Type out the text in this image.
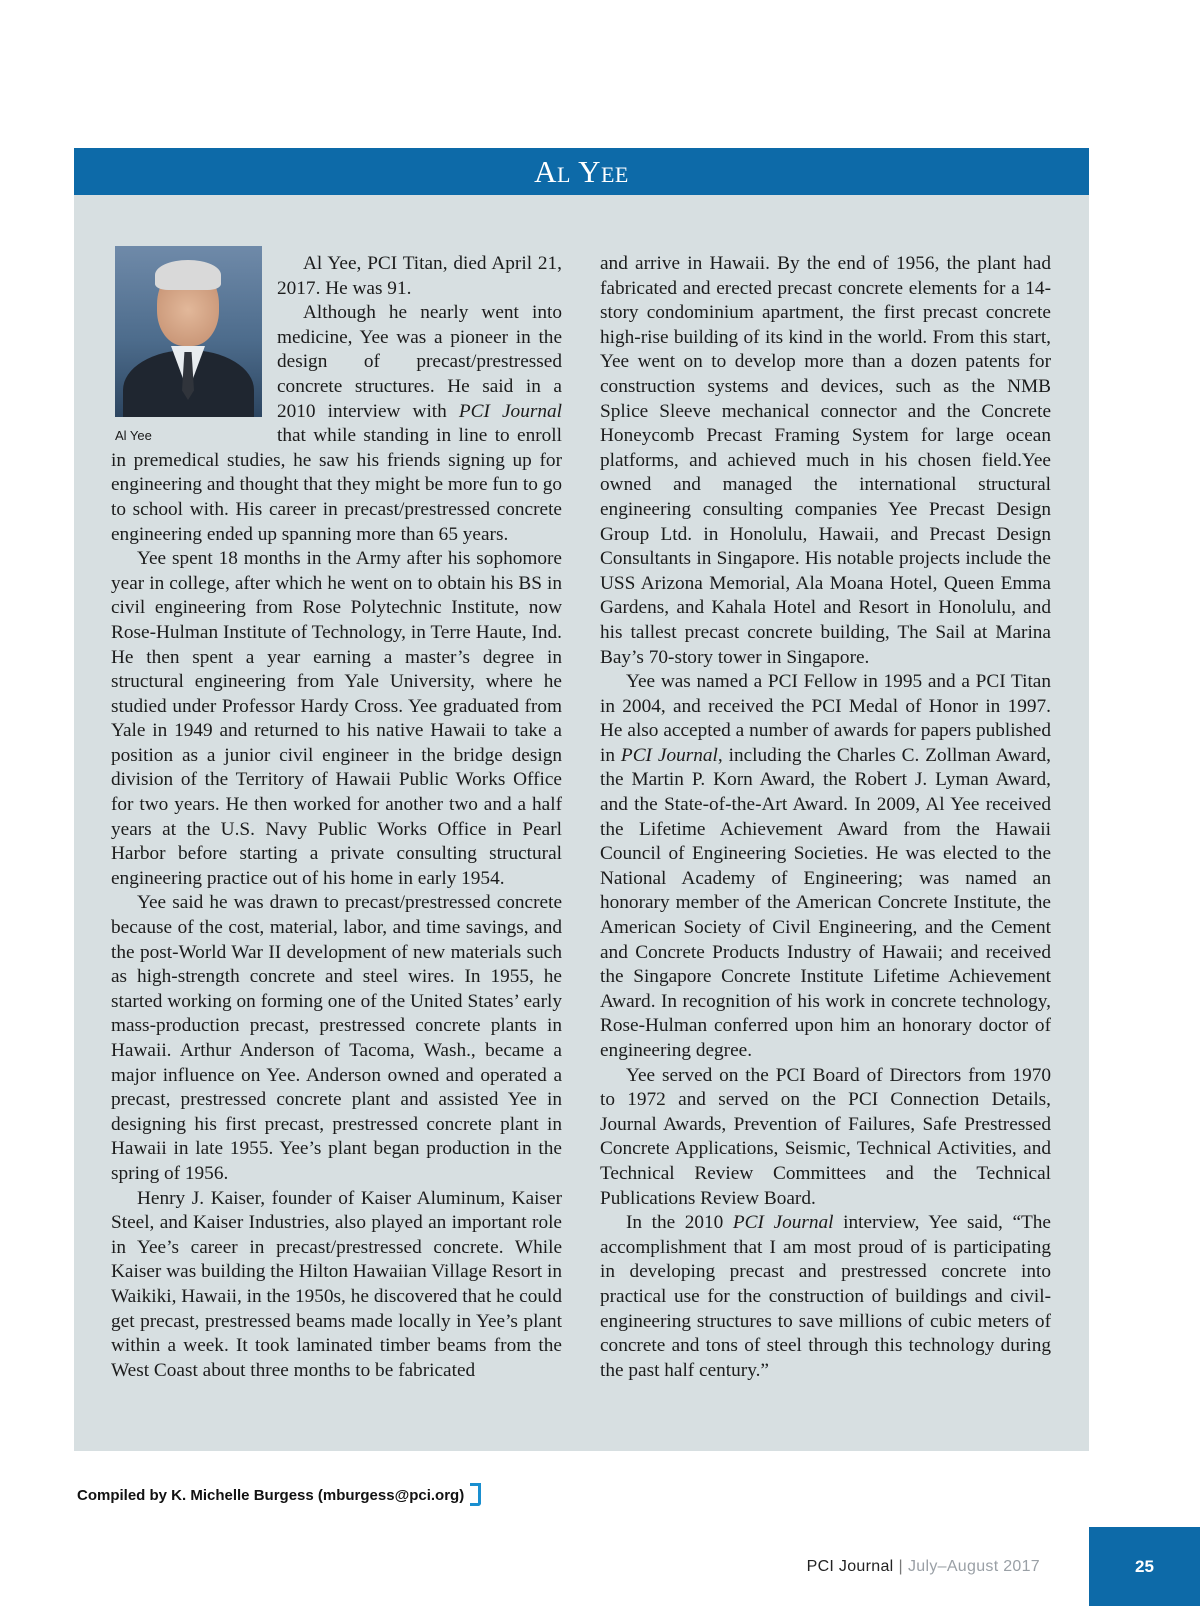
Al Yee
Al Yee

Al Yee, PCI Titan, died April 21, 2017. He was 91.

Although he nearly went into medicine, Yee was a pioneer in the design of precast/prestressed concrete structures. He said in a 2010 interview with PCI Journal that while standing in line to enroll in premedical studies, he saw his friends signing up for engineering and thought that they might be more fun to go to school with. His career in precast/prestressed concrete engineering ended up spanning more than 65 years.

Yee spent 18 months in the Army after his sophomore year in college, after which he went on to obtain his BS in civil engineering from Rose Polytechnic Institute, now Rose-Hulman Institute of Technology, in Terre Haute, Ind. He then spent a year earning a master’s degree in structural engineering from Yale University, where he studied under Professor Hardy Cross. Yee graduated from Yale in 1949 and returned to his native Hawaii to take a position as a junior civil engineer in the bridge design division of the Territory of Hawaii Public Works Office for two years. He then worked for another two and a half years at the U.S. Navy Public Works Office in Pearl Harbor before starting a private consulting structural engineering practice out of his home in early 1954.

Yee said he was drawn to precast/prestressed concrete because of the cost, material, labor, and time savings, and the post-World War II development of new materials such as high-strength concrete and steel wires. In 1955, he started working on forming one of the United States’ early mass-production precast, prestressed concrete plants in Hawaii. Arthur Anderson of Tacoma, Wash., became a major influence on Yee. Anderson owned and operated a precast, prestressed concrete plant and assisted Yee in designing his first precast, prestressed concrete plant in Hawaii in late 1955. Yee’s plant began production in the spring of 1956.

Henry J. Kaiser, founder of Kaiser Aluminum, Kaiser Steel, and Kaiser Industries, also played an important role in Yee’s career in precast/prestressed concrete. While Kaiser was building the Hilton Hawaiian Village Resort in Waikiki, Hawaii, in the 1950s, he discovered that he could get precast, prestressed beams made locally in Yee’s plant within a week. It took laminated timber beams from the West Coast about three months to be fabricated

and arrive in Hawaii. By the end of 1956, the plant had fabricated and erected precast concrete elements for a 14-story condominium apartment, the first precast concrete high-rise building of its kind in the world. From this start, Yee went on to develop more than a dozen patents for construction systems and devices, such as the NMB Splice Sleeve mechanical connector and the Concrete Honeycomb Precast Framing System for large ocean platforms, and achieved much in his chosen field.Yee owned and managed the international structural engineering consulting companies Yee Precast Design Group Ltd. in Honolulu, Hawaii, and Precast Design Consultants in Singapore. His notable projects include the USS Arizona Memorial, Ala Moana Hotel, Queen Emma Gardens, and Kahala Hotel and Resort in Honolulu, and his tallest precast concrete building, The Sail at Marina Bay’s 70-story tower in Singapore.

Yee was named a PCI Fellow in 1995 and a PCI Titan in 2004, and received the PCI Medal of Honor in 1997. He also accepted a number of awards for papers published in PCI Journal, including the Charles C. Zollman Award, the Martin P. Korn Award, the Robert J. Lyman Award, and the State-of-the-Art Award. In 2009, Al Yee received the Lifetime Achievement Award from the Hawaii Council of Engineering Societies. He was elected to the National Academy of Engineering; was named an honorary member of the American Concrete Institute, the American Society of Civil Engineering, and the Cement and Concrete Products Industry of Hawaii; and received the Singapore Concrete Institute Lifetime Achievement Award. In recognition of his work in concrete technology, Rose-Hulman conferred upon him an honorary doctor of engineering degree.

Yee served on the PCI Board of Directors from 1970 to 1972 and served on the PCI Connection Details, Journal Awards, Prevention of Failures, Safe Prestressed Concrete Applications, Seismic, Technical Activities, and Technical Review Committees and the Technical Publications Review Board.

In the 2010 PCI Journal interview, Yee said, “The accomplishment that I am most proud of is participating in developing precast and prestressed concrete into practical use for the construction of buildings and civil-engineering structures to save millions of cubic meters of concrete and tons of steel through this technology during the past half century.”

Compiled by K. Michelle Burgess (mburgess@pci.org)
PCI Journal | July–August 2017	25
